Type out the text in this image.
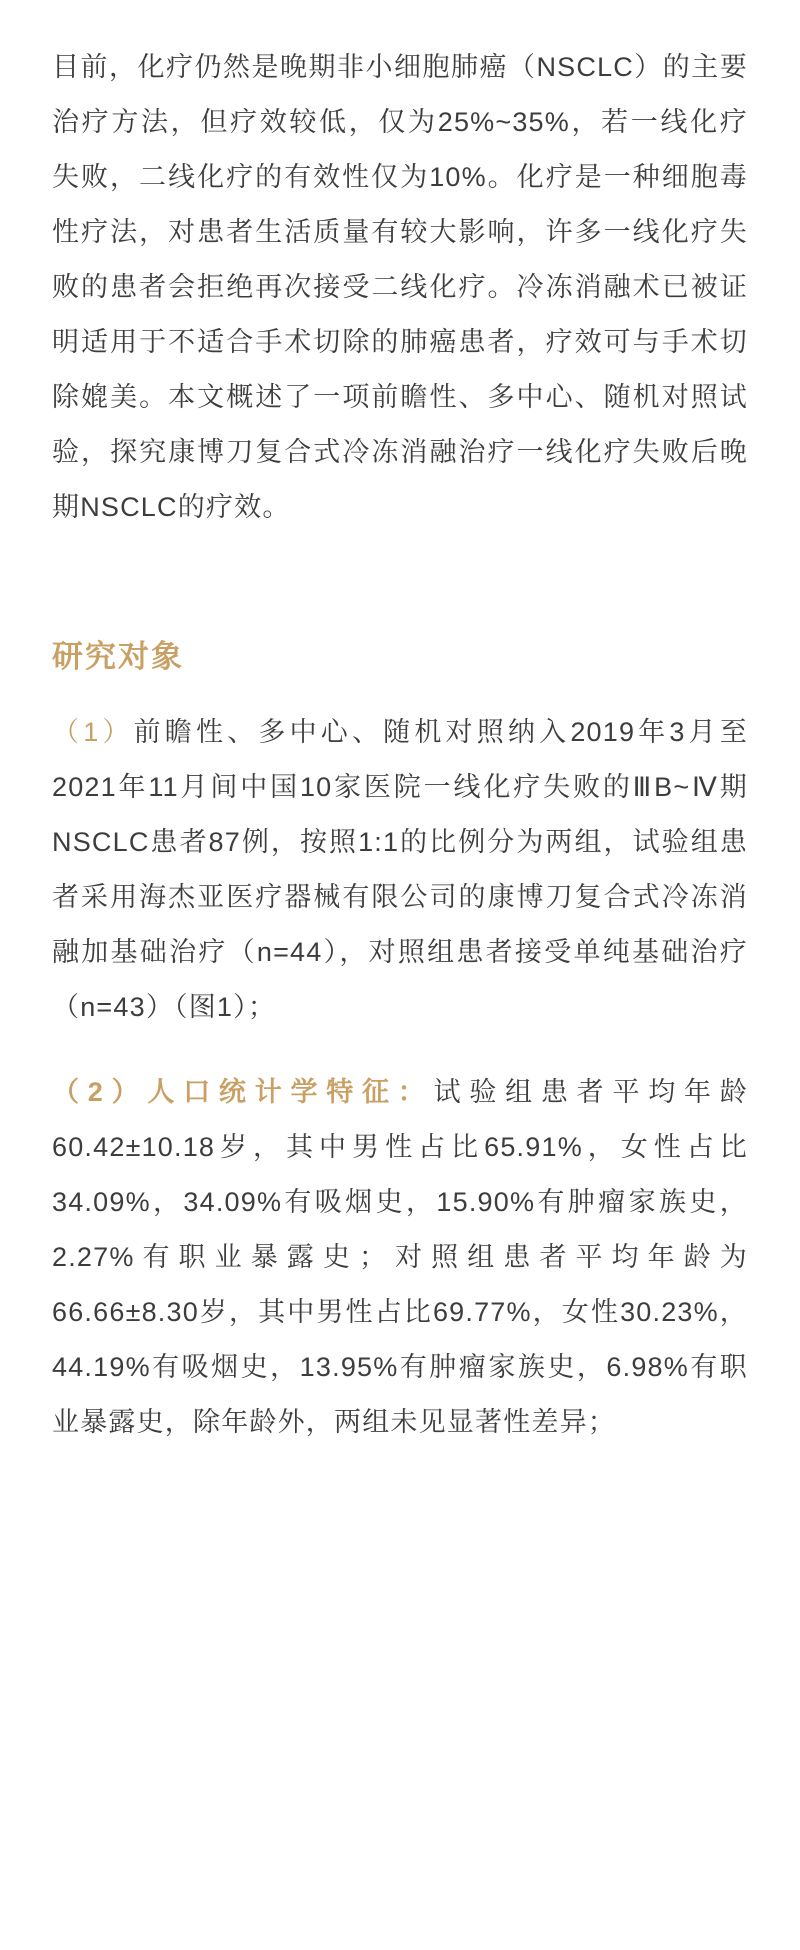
目前，化疗仍然是晚期非小细胞肺癌（NSCLC）的主要治疗方法，但疗效较低，仅为25%~35%，若一线化疗失败，二线化疗的有效性仅为10%。化疗是一种细胞毒性疗法，对患者生活质量有较大影响，许多一线化疗失败的患者会拒绝再次接受二线化疗。冷冻消融术已被证明适用于不适合手术切除的肺癌患者，疗效可与手术切除媲美。本文概述了一项前瞻性、多中心、随机对照试验，探究康博刀复合式冷冻消融治疗一线化疗失败后晚期NSCLC的疗效。

研究对象

（1）前瞻性、多中心、随机对照纳入2019年3月至2021年11月间中国10家医院一线化疗失败的ⅢB~Ⅳ期NSCLC患者87例，按照1:1的比例分为两组，试验组患者采用海杰亚医疗器械有限公司的康博刀复合式冷冻消融加基础治疗（n=44），对照组患者接受单纯基础治疗（n=43）（图1）；

（2）人口统计学特征：试验组患者平均年龄60.42±10.18岁，其中男性占比65.91%，女性占比34.09%，34.09%有吸烟史，15.90%有肿瘤家族史，2.27%有职业暴露史；对照组患者平均年龄为66.66±8.30岁，其中男性占比69.77%，女性30.23%，44.19%有吸烟史，13.95%有肿瘤家族史，6.98%有职业暴露史，除年龄外，两组未见显著性差异；
